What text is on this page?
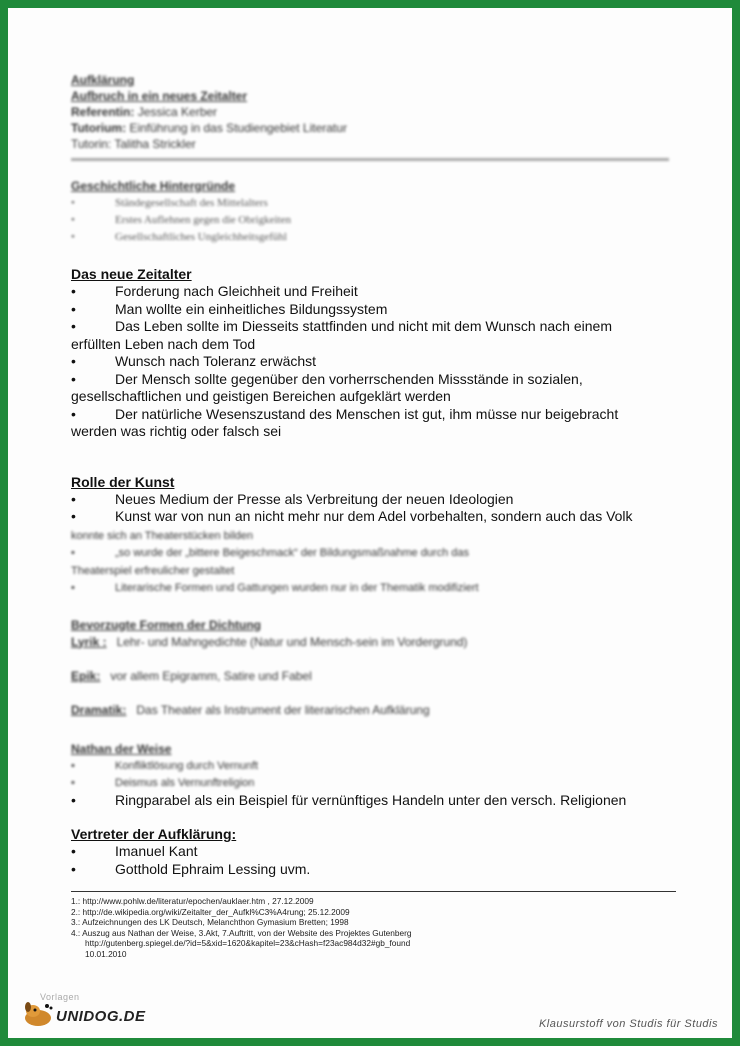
Aufklärung
Aufbruch in ein neues Zeitalter
Referentin: Jessica Kerber
Tutorium: Einführung in das Studiengebiet Literatur
Tutorin: Talitha Strickler
Geschichtliche Hintergründe
•	Ständegesellschaft des Mittelalters
•	Erstes Auflehnen gegen die Obrigkeiten
•	Gesellschaftliches Ungleichheitsgefühl
Das neue Zeitalter
•	Forderung nach Gleichheit und Freiheit
•	Man wollte ein einheitliches Bildungssystem
•	Das Leben sollte im Diesseits stattfinden und nicht mit dem Wunsch nach einem
erfüllten Leben nach dem Tod
•	Wunsch nach Toleranz erwächst
•	Der Mensch sollte gegenüber den vorherrschenden Missstände in sozialen,
gesellschaftlichen und geistigen Bereichen aufgeklärt werden
•	Der natürliche Wesenszustand des Menschen ist gut, ihm müsse nur beigebracht
werden was richtig oder falsch sei
Rolle der Kunst
•	Neues Medium der Presse als Verbreitung der neuen Ideologien
•	Kunst war von nun an nicht mehr nur dem Adel vorbehalten, sondern auch das Volk
konnte sich an Theaterstücken bilden
•	„so wurde der „bittere Beigeschmack“ der Bildungsmaßnahme durch das
Theaterspiel erfreulicher gestaltet
•	Literarische Formen und Gattungen wurden nur in der Thematik modifiziert
Bevorzugte Formen der Dichtung
Lyrik : Lehr- und Mahngedichte (Natur und Mensch-sein im Vordergrund)
Epik: vor allem Epigramm, Satire und Fabel
Dramatik: Das Theater als Instrument der literarischen Aufklärung
Nathan der Weise
•	Konfliktlösung durch Vernunft
•	Deismus als Vernunftreligion
•	Ringparabel als ein Beispiel für vernünftiges Handeln unter den versch. Religionen
Vertreter der Aufklärung:
•	Imanuel Kant
•	Gotthold Ephraim Lessing uvm.
1.: http://www.pohlw.de/literatur/epochen/auklaer.htm , 27.12.2009
2.: http://de.wikipedia.org/wiki/Zeitalter_der_Aufkl%C3%A4rung; 25.12.2009
3.: Aufzeichnungen des LK Deutsch, Melanchthon Gymasium Bretten; 1998
4.: Auszug aus Nathan der Weise, 3.Akt, 7.Auftritt, von der Website des Projektes Gutenberg
http://gutenberg.spiegel.de/?id=5&xid=1620&kapitel=23&cHash=f23ac984d32#gb_found
10.01.2010
Vorlagen
UNIDOG.DE	Klausurstoff von Studis für Studis
